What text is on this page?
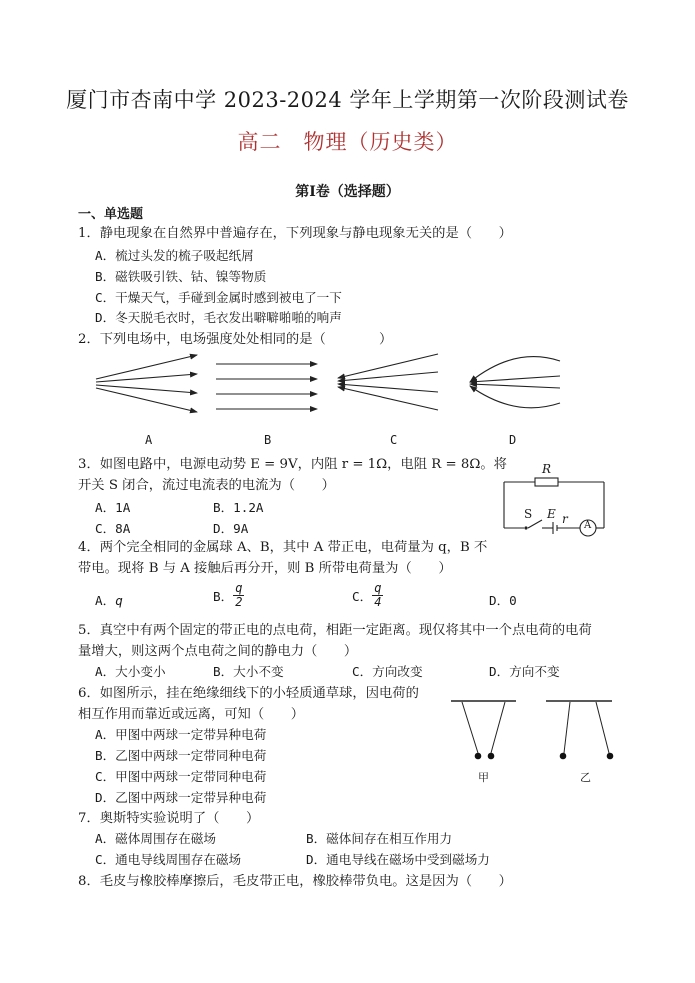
厦门市杏南中学 2023-2024 学年上学期第一次阶段测试卷
高二　物理（历史类）
第Ⅰ卷（选择题）
一、单选题
1．静电现象在自然界中普遍存在，下列现象与静电现象无关的是（　　）
A．梳过头发的梳子吸起纸屑
B．磁铁吸引铁、钴、镍等物质
C．干燥天气，手碰到金属时感到被电了一下
D．冬天脱毛衣时，毛衣发出噼噼啪啪的响声
2．下列电场中，电场强度处处相同的是（　　　　）
A	B	C	D
3．如图电路中，电源电动势 E = 9V，内阻 r = 1Ω，电阻 R = 8Ω。将
开关 S 闭合，流过电流表的电流为（　　）
A．1A	B．1.2A
C．8A	D．9A
R
S E r A
4．两个完全相同的金属球 A、B，其中 A 带正电，电荷量为 q，B 不
带电。现将 B 与 A 接触后再分开，则 B 所带电荷量为（　　）
A．q	B． $\frac{q}{2}$	C． $\frac{q}{4}$	D．0
5．真空中有两个固定的带正电的点电荷，相距一定距离。现仅将其中一个点电荷的电荷
量增大，则这两个点电荷之间的静电力（　　）
A．大小变小	B．大小不变	C．方向改变	D．方向不变
6．如图所示，挂在绝缘细线下的小轻质通草球，因电荷的
相互作用而靠近或远离，可知（　　）
A．甲图中两球一定带异种电荷
B．乙图中两球一定带同种电荷
C．甲图中两球一定带同种电荷
D．乙图中两球一定带异种电荷
甲	乙
7．奥斯特实验说明了（　　）
A．磁体周围存在磁场	B．磁体间存在相互作用力
C．通电导线周围存在磁场	D．通电导线在磁场中受到磁场力
8．毛皮与橡胶棒摩擦后，毛皮带正电，橡胶棒带负电。这是因为（　　）
